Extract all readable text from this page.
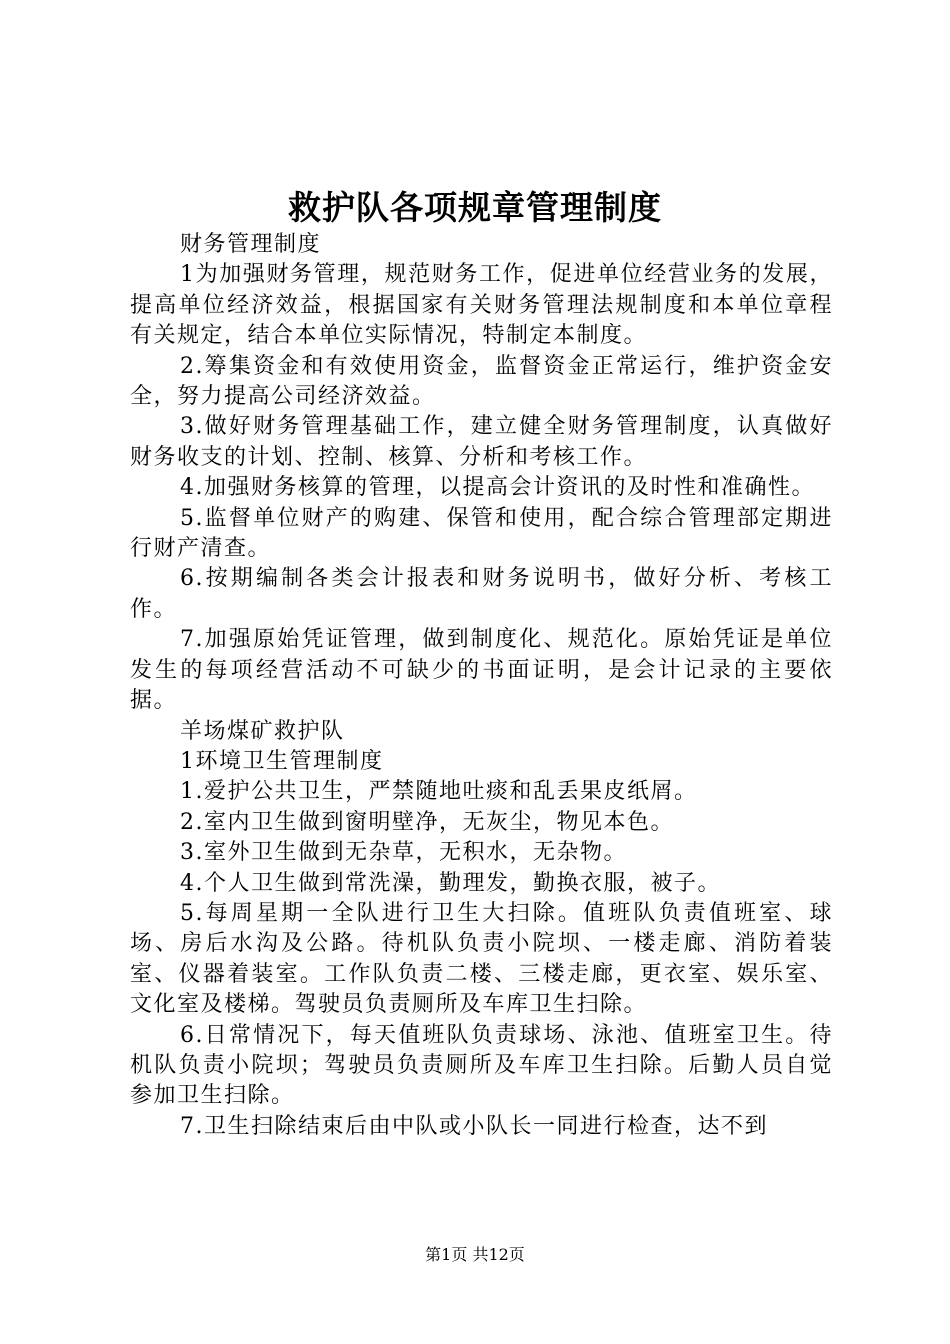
救护队各项规章管理制度

财务管理制度

1为加强财务管理，规范财务工作，促进单位经营业务的发展，提高单位经济效益，根据国家有关财务管理法规制度和本单位章程有关规定，结合本单位实际情况，特制定本制度。

2.筹集资金和有效使用资金，监督资金正常运行，维护资金安全，努力提高公司经济效益。

3.做好财务管理基础工作，建立健全财务管理制度，认真做好财务收支的计划、控制、核算、分析和考核工作。

4.加强财务核算的管理，以提高会计资讯的及时性和准确性。

5.监督单位财产的购建、保管和使用，配合综合管理部定期进行财产清查。

6.按期编制各类会计报表和财务说明书，做好分析、考核工作。

7.加强原始凭证管理，做到制度化、规范化。原始凭证是单位发生的每项经营活动不可缺少的书面证明，是会计记录的主要依据。

羊场煤矿救护队

1环境卫生管理制度

1.爱护公共卫生，严禁随地吐痰和乱丢果皮纸屑。

2.室内卫生做到窗明壁净，无灰尘，物见本色。

3.室外卫生做到无杂草，无积水，无杂物。

4.个人卫生做到常洗澡，勤理发，勤换衣服，被子。

5.每周星期一全队进行卫生大扫除。值班队负责值班室、球场、房后水沟及公路。待机队负责小院坝、一楼走廊、消防着装室、仪器着装室。工作队负责二楼、三楼走廊，更衣室、娱乐室、文化室及楼梯。驾驶员负责厕所及车库卫生扫除。

6.日常情况下，每天值班队负责球场、泳池、值班室卫生。待机队负责小院坝；驾驶员负责厕所及车库卫生扫除。后勤人员自觉参加卫生扫除。

7.卫生扫除结束后由中队或小队长一同进行检查，达不到

第1页 共12页
